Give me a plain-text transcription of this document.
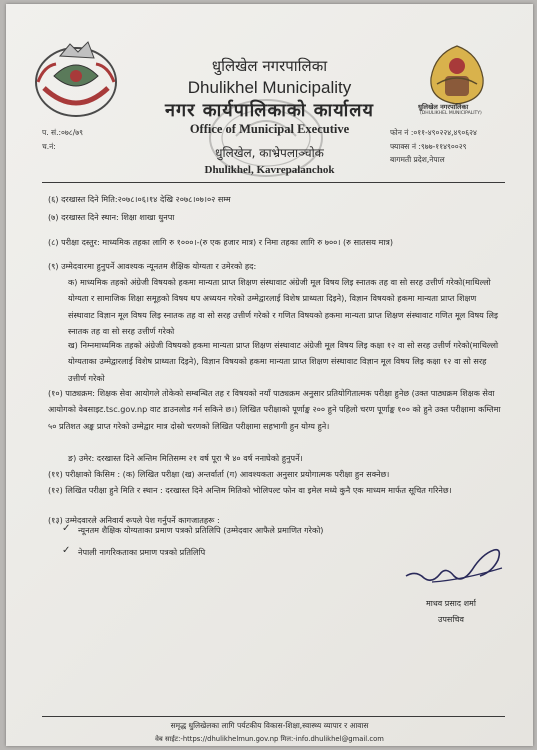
धुलिखेल नगरपालिका
(DHULIKHEL MUNICIPALITY)
धुलिखेल नगरपालिका
Dhulikhel Municipality
नगर कार्यपालिकाको कार्यालय
Office of Municipal Executive
धुलिखेल, काभ्रेपलाञ्चोक
Dhulikhel, Kavrepalanchok
प. सं.:०७८/७९
च.नं:
फोन नं :०११-४९०२२४,४९०६२४
फ्याक्स नं :९७७-११४९००२९
बागमती प्रदेश,नेपाल
(६) दरखास्त दिने मिति:२०७८।०६।१४ देखि २०७८।०७।०२ सम्म
(७) दरखास्त दिने स्थान: शिक्षा शाखा धुनपा
(८) परीक्षा दस्तुर: माध्यमिक तहका लागि रु १०००।-(रु एक हजार मात्र) र निमा तहका लागि रु ७००। (रु सातसय मात्र)
(९) उम्मेदवारमा हुनुपर्ने आवश्यक न्यूनतम शैक्षिक योग्यता र उमेरको हद:
क) माध्यमिक तहको अंग्रेजी विषयको हकमा मान्यता प्राप्त शिक्षण संस्थावाट अंग्रेजी मूल विषय लिइ स्नातक तह वा सो सरह उत्तीर्ण गरेको(माथिल्लो योग्यता र सामाजिक शिक्षा समूहको विषय थप अध्ययन गरेको उम्मेद्वारलाई विशेष प्राथ्यता दिइने), विज्ञान विषयको हकमा मान्यता प्राप्त शिक्षण संस्थावाट विज्ञान मूल विषय लिइ स्नातक तह वा सो सरह उत्तीर्ण गरेको र गणित विषयको हकमा मान्यता प्राप्त शिक्षण संस्थावाट गणित मूल विषय लिइ स्नातक तह वा सो सरह उत्तीर्ण गरेको
ख) निम्नमाध्यमिक तहको अंग्रेजी विषयको हकमा मान्यता प्राप्त शिक्षण संस्थावाट अंग्रेजी मूल विषय लिइ कक्षा १२ वा सो सरह उत्तीर्ण गरेको(माथिल्लो योग्यताका उम्मेद्वारलाई विशेष प्राथ्यता दिइने), विज्ञान विषयको हकमा मान्यता प्राप्त शिक्षण संस्थावाट विज्ञान मूल विषय लिइ कक्षा १२ वा सो सरह उत्तीर्ण गरेको
(१०) पाठ्यक्रम: शिक्षक सेवा आयोगले तोकेको सम्बन्धित तह र विषयको नयाँ पाठ्यक्रम अनुसार प्रतियोगितात्मक परीक्षा हुनेछ (उक्त पाठ्यक्रम शिक्षक सेवा आयोगको वेबसाइट.tsc.gov.np वाट डाउनलोड गर्न सकिने छ।) लिखित परीक्षाको पूर्णाङ्क २०० हुने पहिलो चरण पूर्णाङ्क १०० को हुने उक्त परीक्षामा कम्तिमा ५० प्रतिशत अङ्क प्राप्त गरेको उम्मेद्वार मात्र दोस्रो चरणको लिखित परीक्षामा सहभागी हुन योग्य हुने।
ङ) उमेर: दरखास्त दिने अन्तिम मितिसम्म २१ वर्ष पूरा भै ४० वर्ष ननाघेको हुनुपर्ने।
(११) परीक्षाको किसिम : (क) लिखित परीक्षा (ख) अन्तर्वार्ता (ग) आवश्यकता अनुसार प्रयोगात्मक परीक्षा हुन सक्नेछ।
(१२) लिखित परीक्षा हुने मिति र स्थान : दरखास्त दिने अन्तिम मितिको भोलिपल्ट फोन वा इमेल मध्ये कुनै एक माध्यम मार्फत सूचित गरिनेछ।
(१३) उम्मेदवारले अनिवार्य रूपले पेश गर्नुपर्ने कागजातहरू :
✓ न्यूनतम शैक्षिक योग्यताका प्रमाण पत्रको प्रतिलिपि (उम्मेदवार आफैले प्रमाणित गरेको)
✓ नेपाली नागरिकताका प्रमाण पत्रको प्रतिलिपि
माधव प्रसाद शर्मा
उपसचिव
समृद्ध धुलिखेलका लागि पर्यटकीय विकास-शिक्षा,स्वास्थ्य व्यापार र आवास
वेब साईट:-https://dhulikhelmun.gov.np मिल:-info.dhulikhel@gmail.com
